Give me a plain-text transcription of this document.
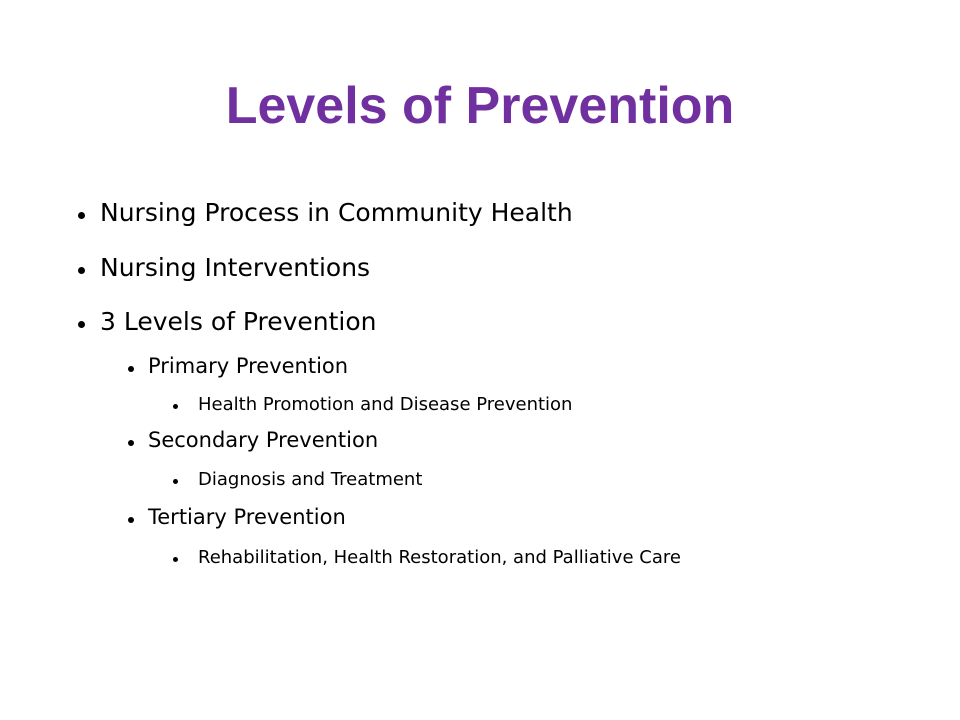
Levels of Prevention
Nursing Process in Community Health
Nursing Interventions
3 Levels of Prevention
Primary Prevention
Health Promotion and Disease Prevention
Secondary Prevention
Diagnosis and Treatment
Tertiary Prevention
Rehabilitation, Health Restoration, and Palliative Care
